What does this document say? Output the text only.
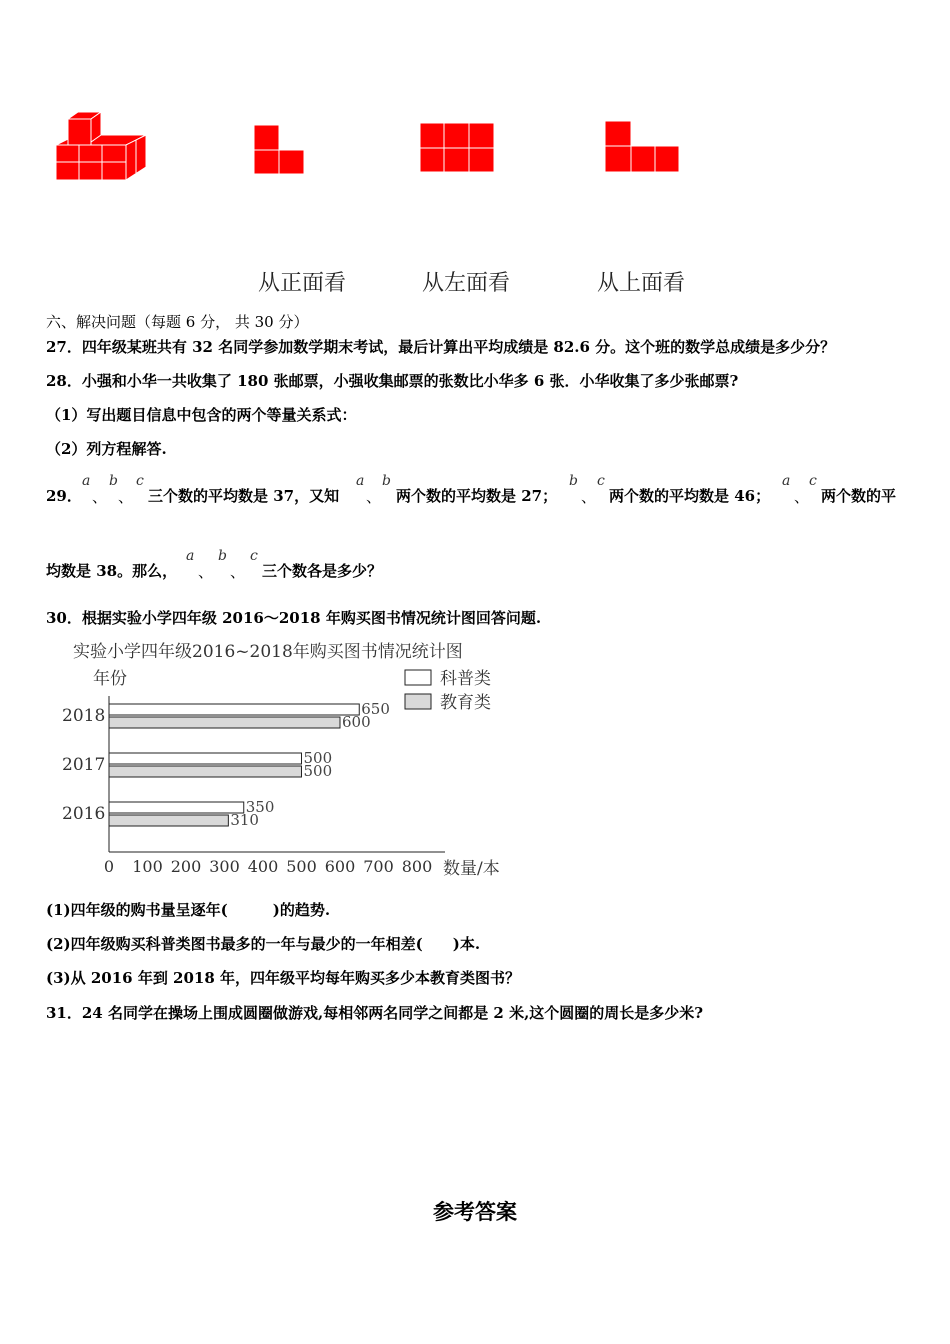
从正面看	从左面看	从上面看
六、解决问题（每题 6 分， 共 30 分）
27．四年级某班共有 32 名同学参加数学期末考试，最后计算出平均成绩是 82.6 分。这个班的数学总成绩是多少分？
28．小强和小华一共收集了 180 张邮票，小强收集邮票的张数比小华多 6 张．小华收集了多少张邮票?
（1）写出题目信息中包含的两个等量关系式：
（2）列方程解答.
29．
a
、
b
、
c
三个数的平均数是 37，又知
a
、
b
两个数的平均数是 27；
b
、
c
两个数的平均数是 46；
a
、
c
两个数的平
均数是 38。那么，
a
、
b
、
c
三个数各是多少？
30．根据实验小学四年级 2016～2018 年购买图书情况统计图回答问题.
实验小学四年级2016~2018年购买图书情况统计图
年份
650
600
500
500
350
310
0 100 200 300 400 500 600 700 800
2018
2017
2016
科普类
教育类
数量/本
(1)四年级的购书量呈逐年(　　　)的趋势.
(2)四年级购买科普类图书最多的一年与最少的一年相差(　　)本.
(3)从 2016 年到 2018 年，四年级平均每年购买多少本教育类图书？
31．24 名同学在操场上围成圆圈做游戏,每相邻两名同学之间都是 2 米,这个圆圈的周长是多少米?
参考答案
